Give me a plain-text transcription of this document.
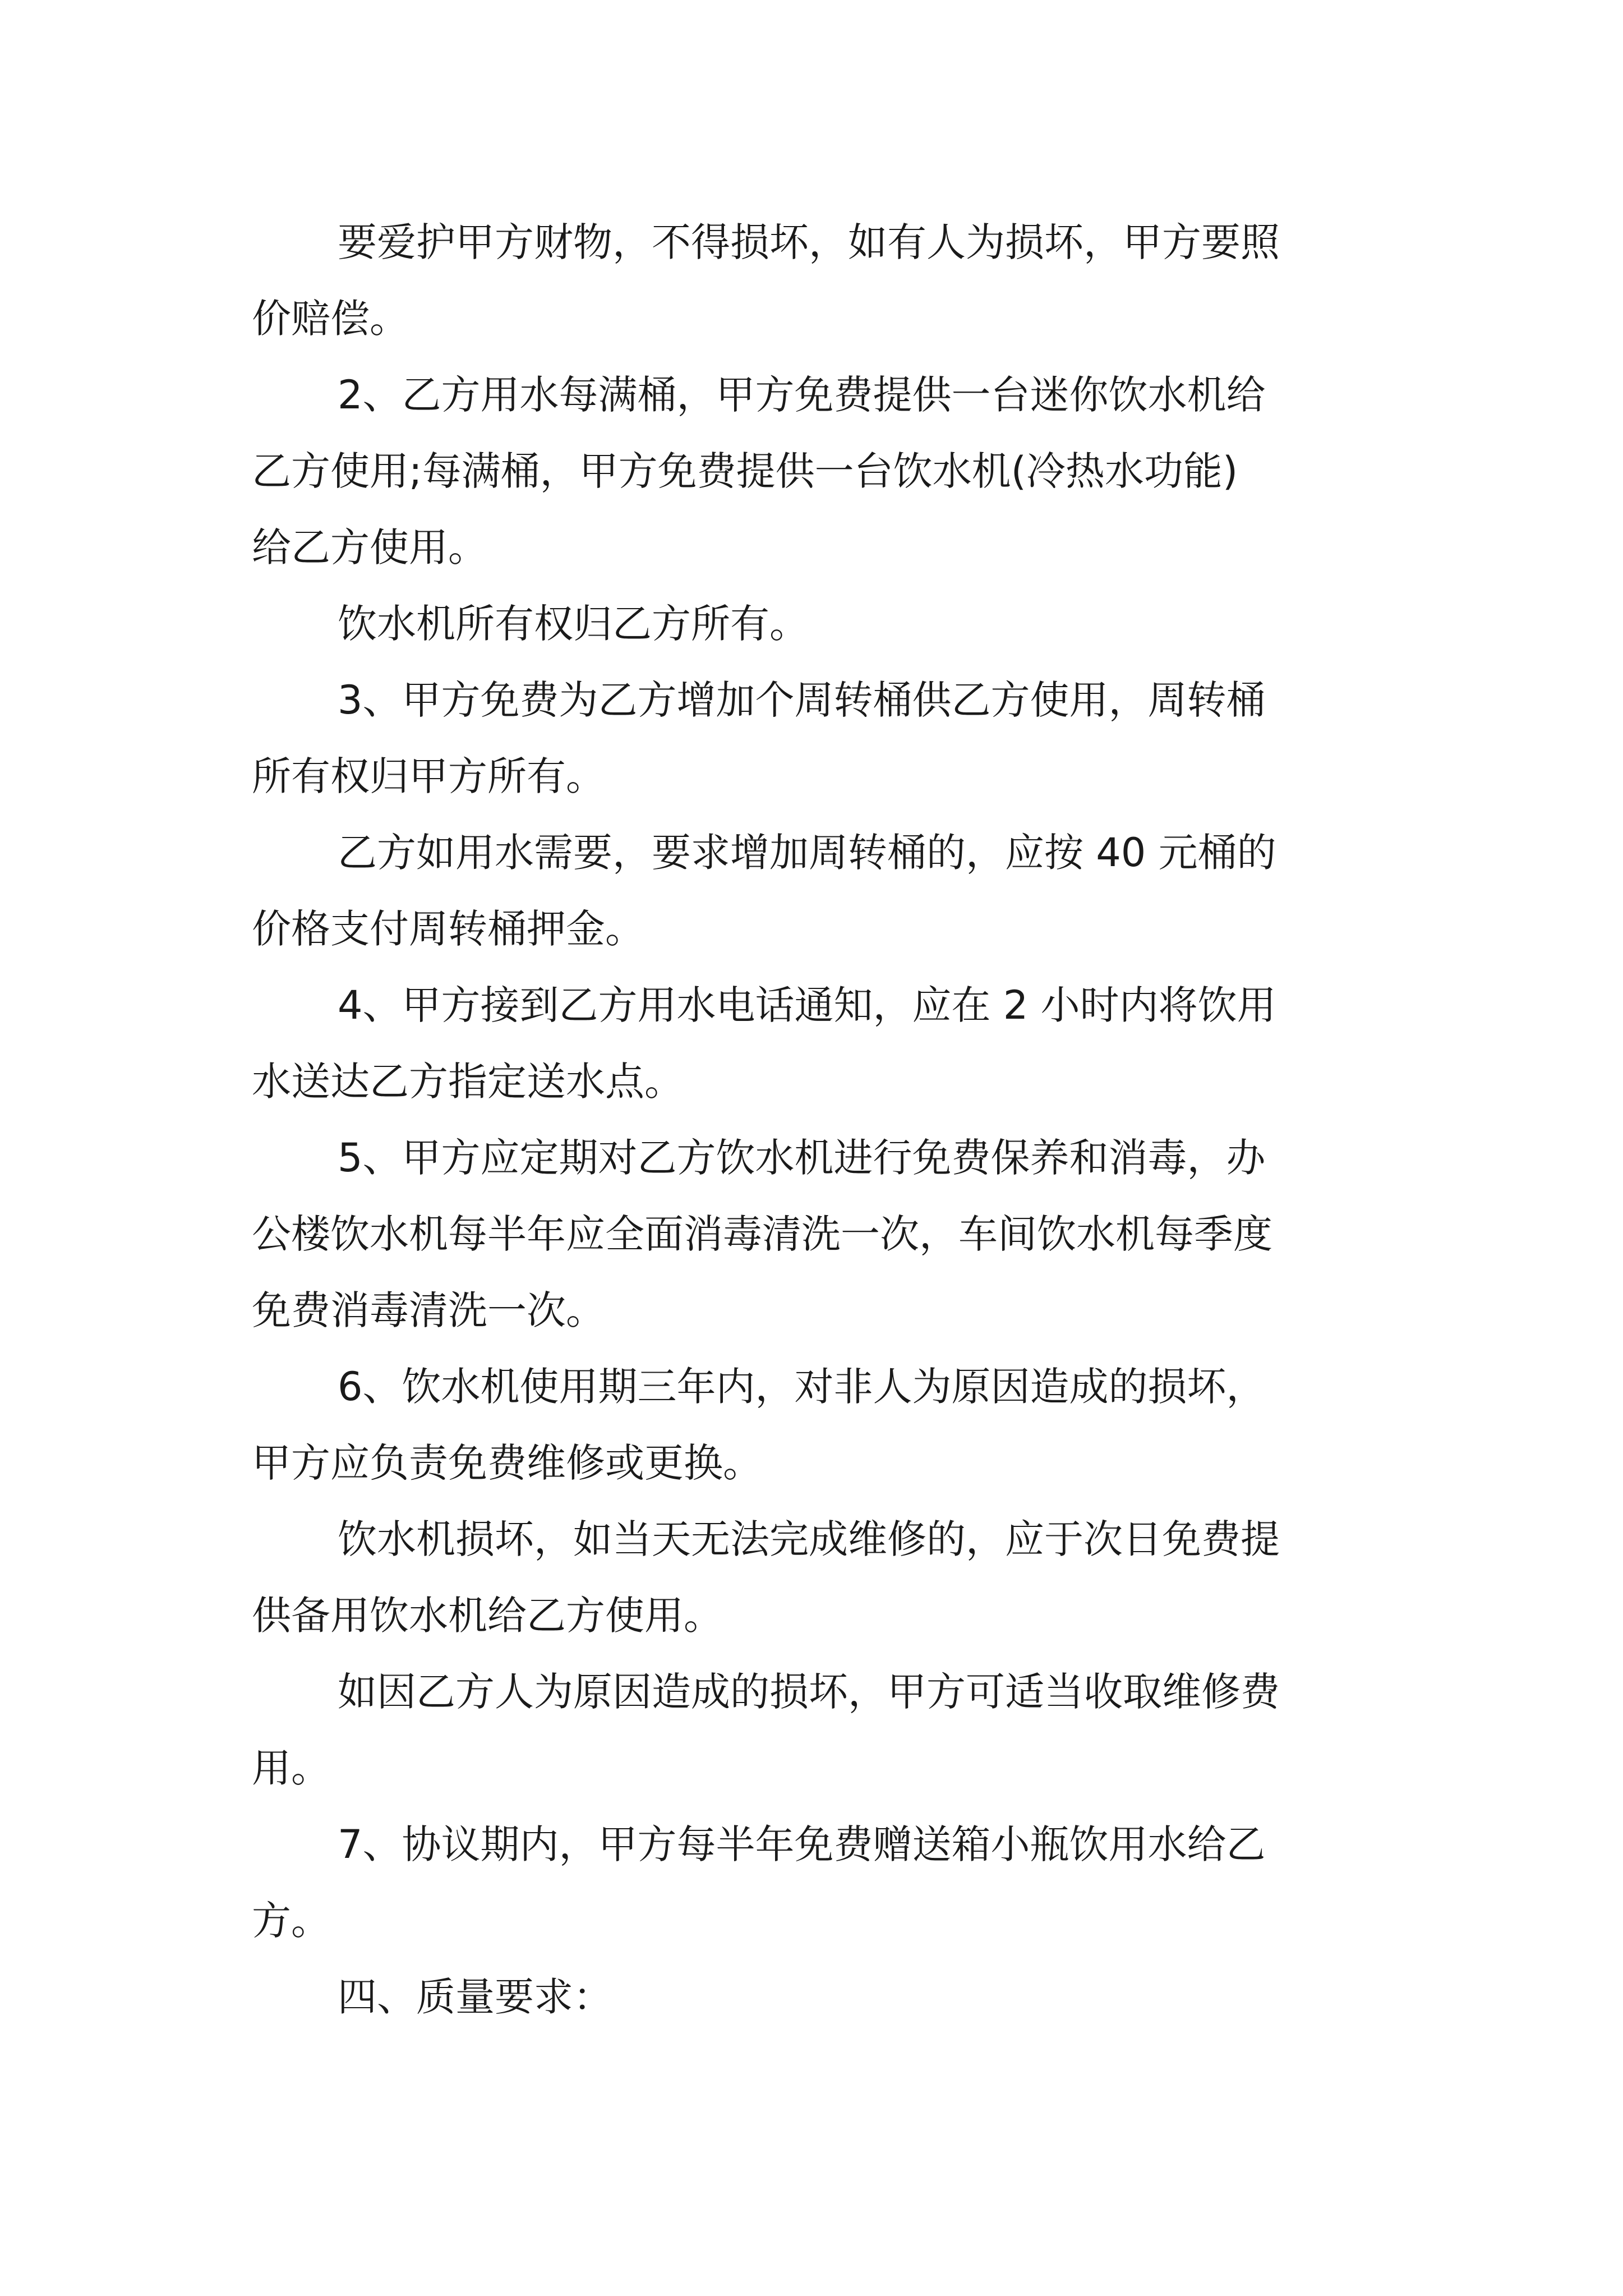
要爱护甲方财物，不得损坏，如有人为损坏，甲方要照

价赔偿。

2、乙方用水每满桶，甲方免费提供一台迷你饮水机给

乙方使用;每满桶，甲方免费提供一台饮水机(冷热水功能)

给乙方使用。

饮水机所有权归乙方所有。

3、甲方免费为乙方增加个周转桶供乙方使用，周转桶

所有权归甲方所有。

乙方如用水需要，要求增加周转桶的，应按 40 元桶的

价格支付周转桶押金。

4、甲方接到乙方用水电话通知，应在 2 小时内将饮用

水送达乙方指定送水点。

5、甲方应定期对乙方饮水机进行免费保养和消毒，办

公楼饮水机每半年应全面消毒清洗一次，车间饮水机每季度

免费消毒清洗一次。

6、饮水机使用期三年内，对非人为原因造成的损坏，

甲方应负责免费维修或更换。

饮水机损坏，如当天无法完成维修的，应于次日免费提

供备用饮水机给乙方使用。

如因乙方人为原因造成的损坏，甲方可适当收取维修费

用。

7、协议期内，甲方每半年免费赠送箱小瓶饮用水给乙

方。

四、质量要求：
